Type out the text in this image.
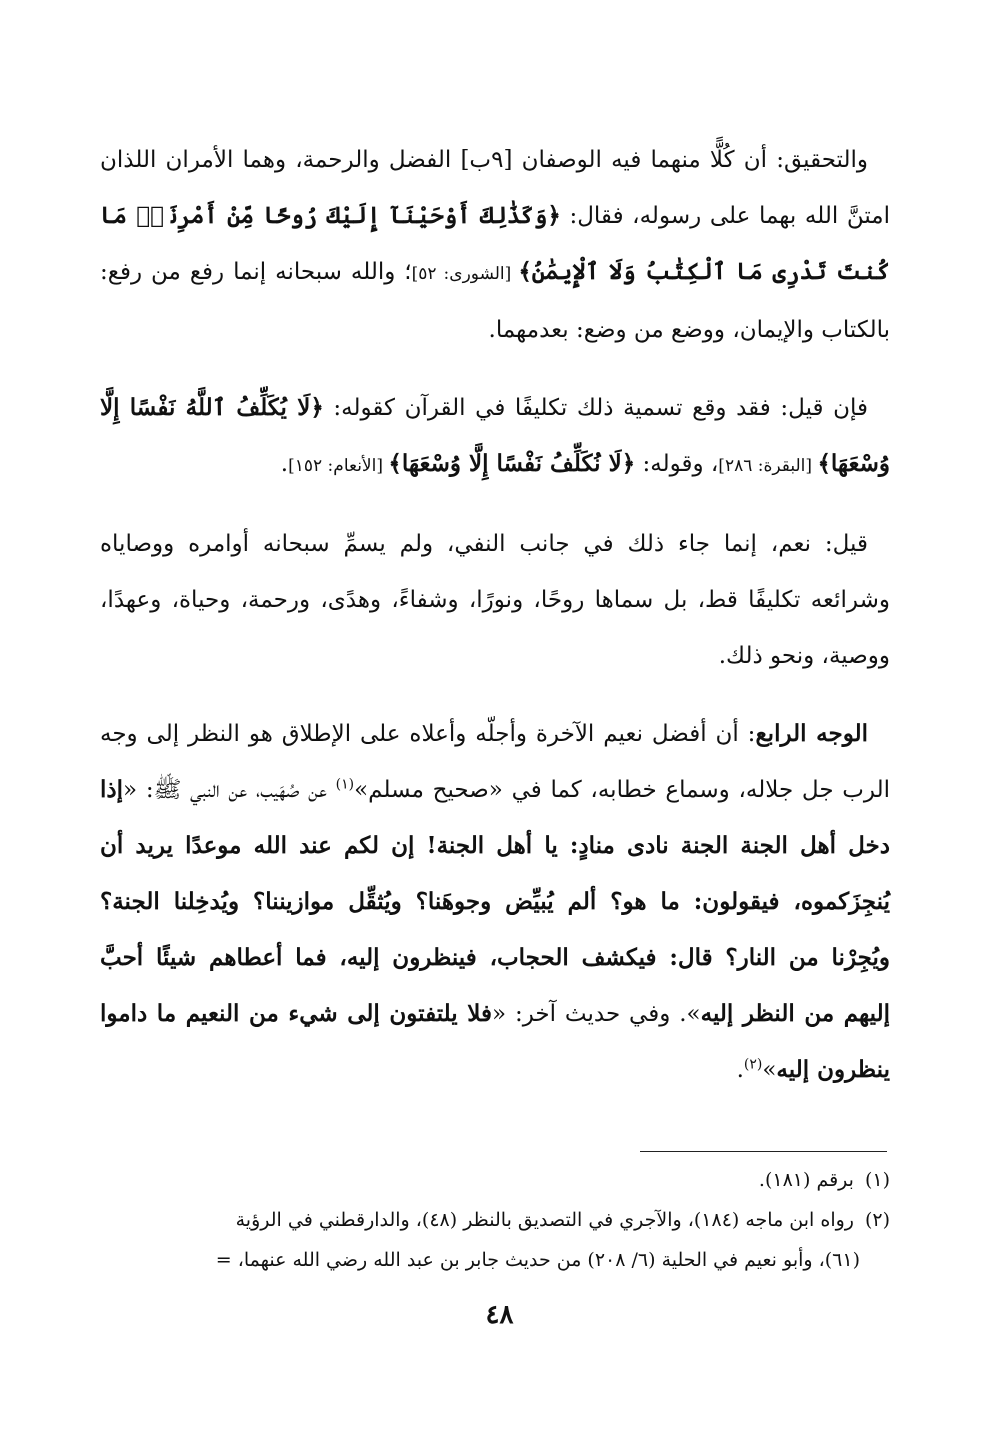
والتحقيق: أن كُلًّا منهما فيه الوصفان [٩ب] الفضل والرحمة، وهما الأمران اللذان امتنَّ الله بهما على رسوله، فقال: ﴿وَكَذَٰلِكَ أَوْحَيْنَآ إِلَيْكَ رُوحًا مِّنْ أَمْرِنَاۚ مَا كُنتَ تَدْرِى مَا ٱلْكِتَٰبُ وَلَا ٱلْإِيمَٰنُ﴾ [الشورى: ٥٢]؛ والله سبحانه إنما رفع من رفع: بالكتاب والإيمان، ووضع من وضع: بعدمهما.

فإن قيل: فقد وقع تسمية ذلك تكليفًا في القرآن كقوله: ﴿لَا يُكَلِّفُ ٱللَّهُ نَفْسًا إِلَّا وُسْعَهَا﴾ [البقرة: ٢٨٦]، وقوله: ﴿لَا نُكَلِّفُ نَفْسًا إِلَّا وُسْعَهَا﴾ [الأنعام: ١٥٢].

قيل: نعم، إنما جاء ذلك في جانب النفي، ولم يسمِّ سبحانه أوامره ووصاياه وشرائعه تكليفًا قط، بل سماها روحًا، ونورًا، وشفاءً، وهدًى، ورحمة، وحياة، وعهدًا، ووصية، ونحو ذلك.

الوجه الرابع: أن أفضل نعيم الآخرة وأجلّه وأعلاه على الإطلاق هو النظر إلى وجه الرب جل جلاله، وسماع خطابه، كما في «صحيح مسلم»$^{(١)}$ عن صُهَيب، عن النبي ﷺ: «إذا دخل أهل الجنة الجنة نادى منادٍ: يا أهل الجنة! إن لكم عند الله موعدًا يريد أن يُنجِزَكموه، فيقولون: ما هو؟ ألم يُبيِّض وجوهَنا؟ ويُثقِّل موازيننا؟ ويُدخِلنا الجنة؟ ويُجِرْنا من النار؟ قال: فيكشف الحجاب، فينظرون إليه، فما أعطاهم شيئًا أحبَّ إليهم من النظر إليه». وفي حديث آخر: «فلا يلتفتون إلى شيء من النعيم ما داموا ينظرون إليه»$^{(٢)}$.

(١) برقم (١٨١).

(٢) رواه ابن ماجه (١٨٤)، والآجري في التصديق بالنظر (٤٨)، والدارقطني في الرؤية

(٦١)، وأبو نعيم في الحلية (٦/ ٢٠٨) من حديث جابر بن عبد الله رضي الله عنهما، =

٤٨
